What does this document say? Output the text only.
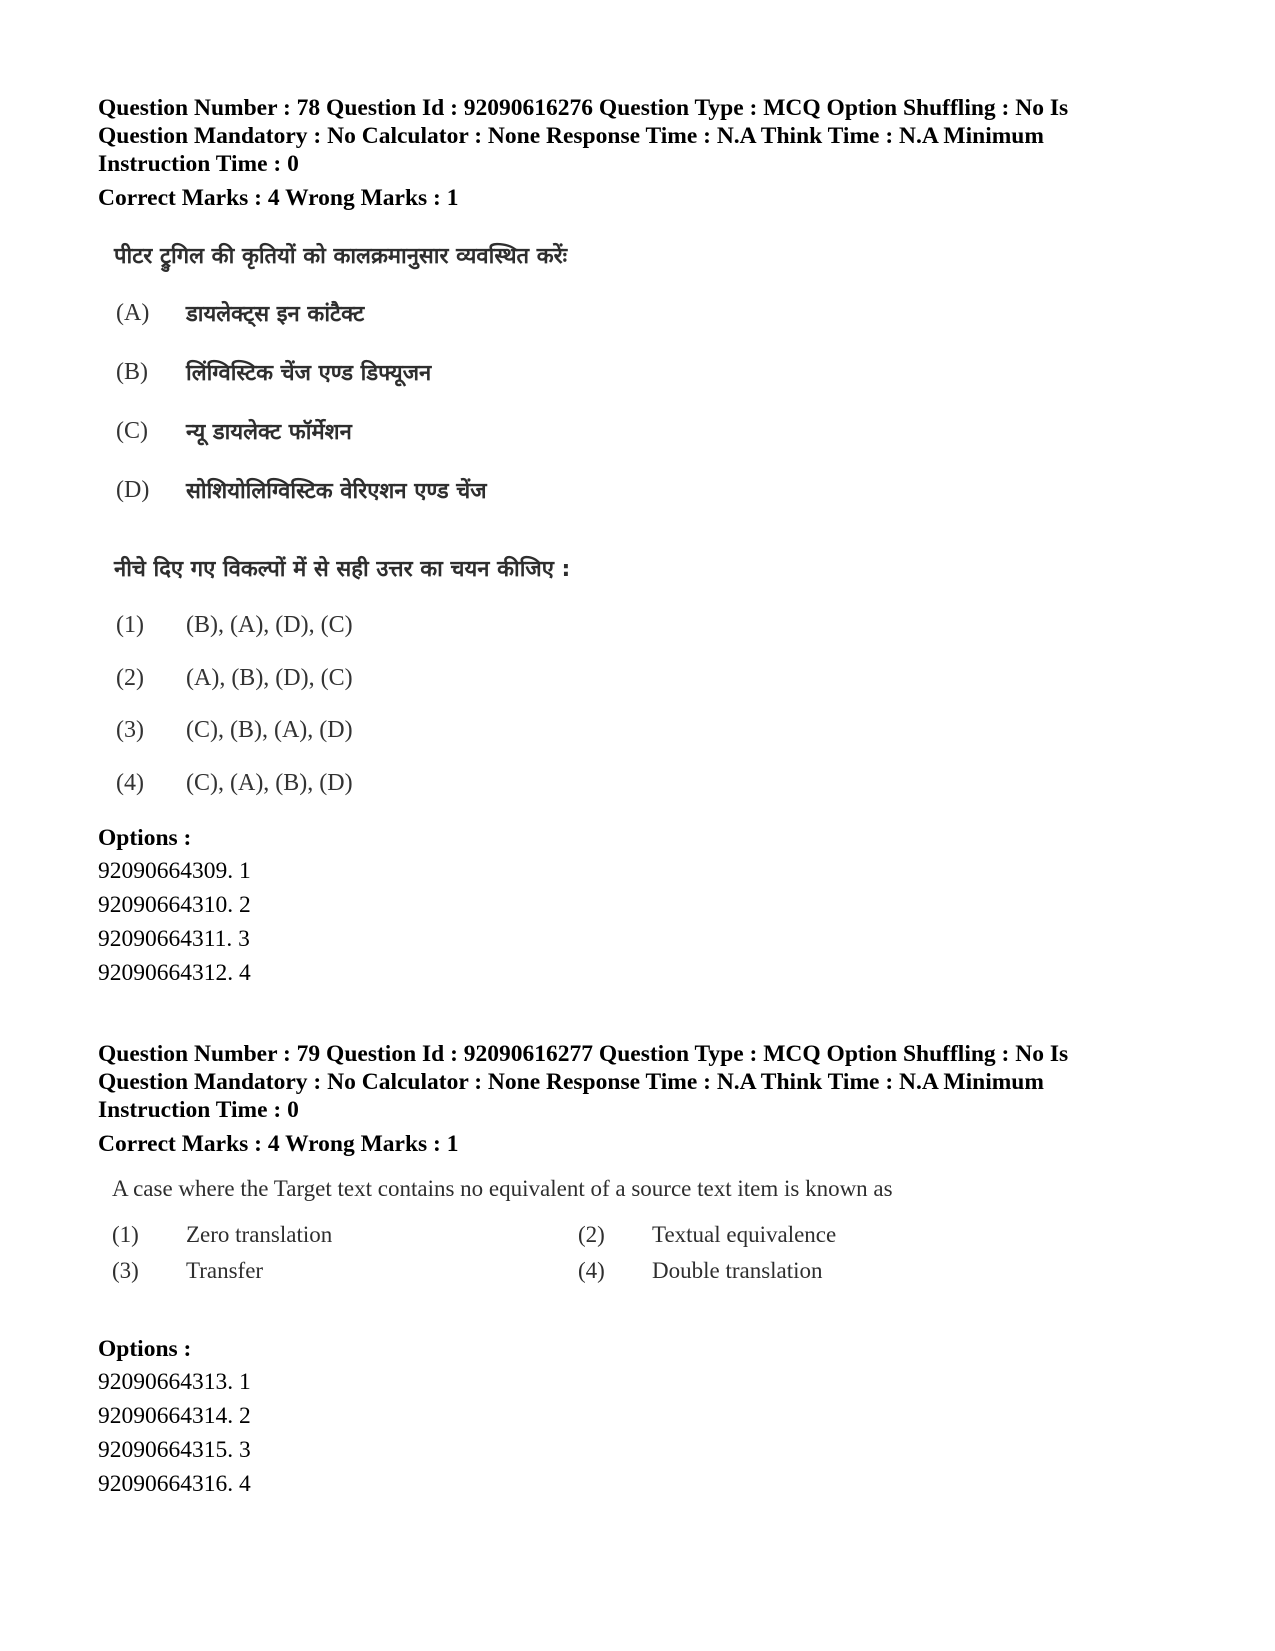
Question Number : 78 Question Id : 92090616276 Question Type : MCQ Option Shuffling : No Is

Question Mandatory : No Calculator : None Response Time : N.A Think Time : N.A Minimum

Instruction Time : 0

Correct Marks : 4 Wrong Marks : 1
पीटर ट्रुगिल की कृतियों को कालक्रमानुसार व्यवस्थित करेंः
(A)	डायलेक्ट्स इन कांटैक्ट
(B)	लिंग्विस्टिक चेंज एण्ड डिफ्यूजन
(C)	न्यू डायलेक्ट फॉर्मेशन
(D)	सोशियोलिग्विस्टिक वेरिएशन एण्ड चेंज
नीचे दिए गए विकल्पों में से सही उत्तर का चयन कीजिए :
(1)	(B), (A), (D), (C)
(2)	(A), (B), (D), (C)
(3)	(C), (B), (A), (D)
(4)	(C), (A), (B), (D)
Options :
92090664309. 1
92090664310. 2
92090664311. 3
92090664312. 4

Question Number : 79 Question Id : 92090616277 Question Type : MCQ Option Shuffling : No Is

Question Mandatory : No Calculator : None Response Time : N.A Think Time : N.A Minimum

Instruction Time : 0

Correct Marks : 4 Wrong Marks : 1
A case where the Target text contains no equivalent of a source text item is known as
(1)	Zero translation	(2)	Textual equivalence
(3)	Transfer	(4)	Double translation
Options :
92090664313. 1
92090664314. 2
92090664315. 3
92090664316. 4
